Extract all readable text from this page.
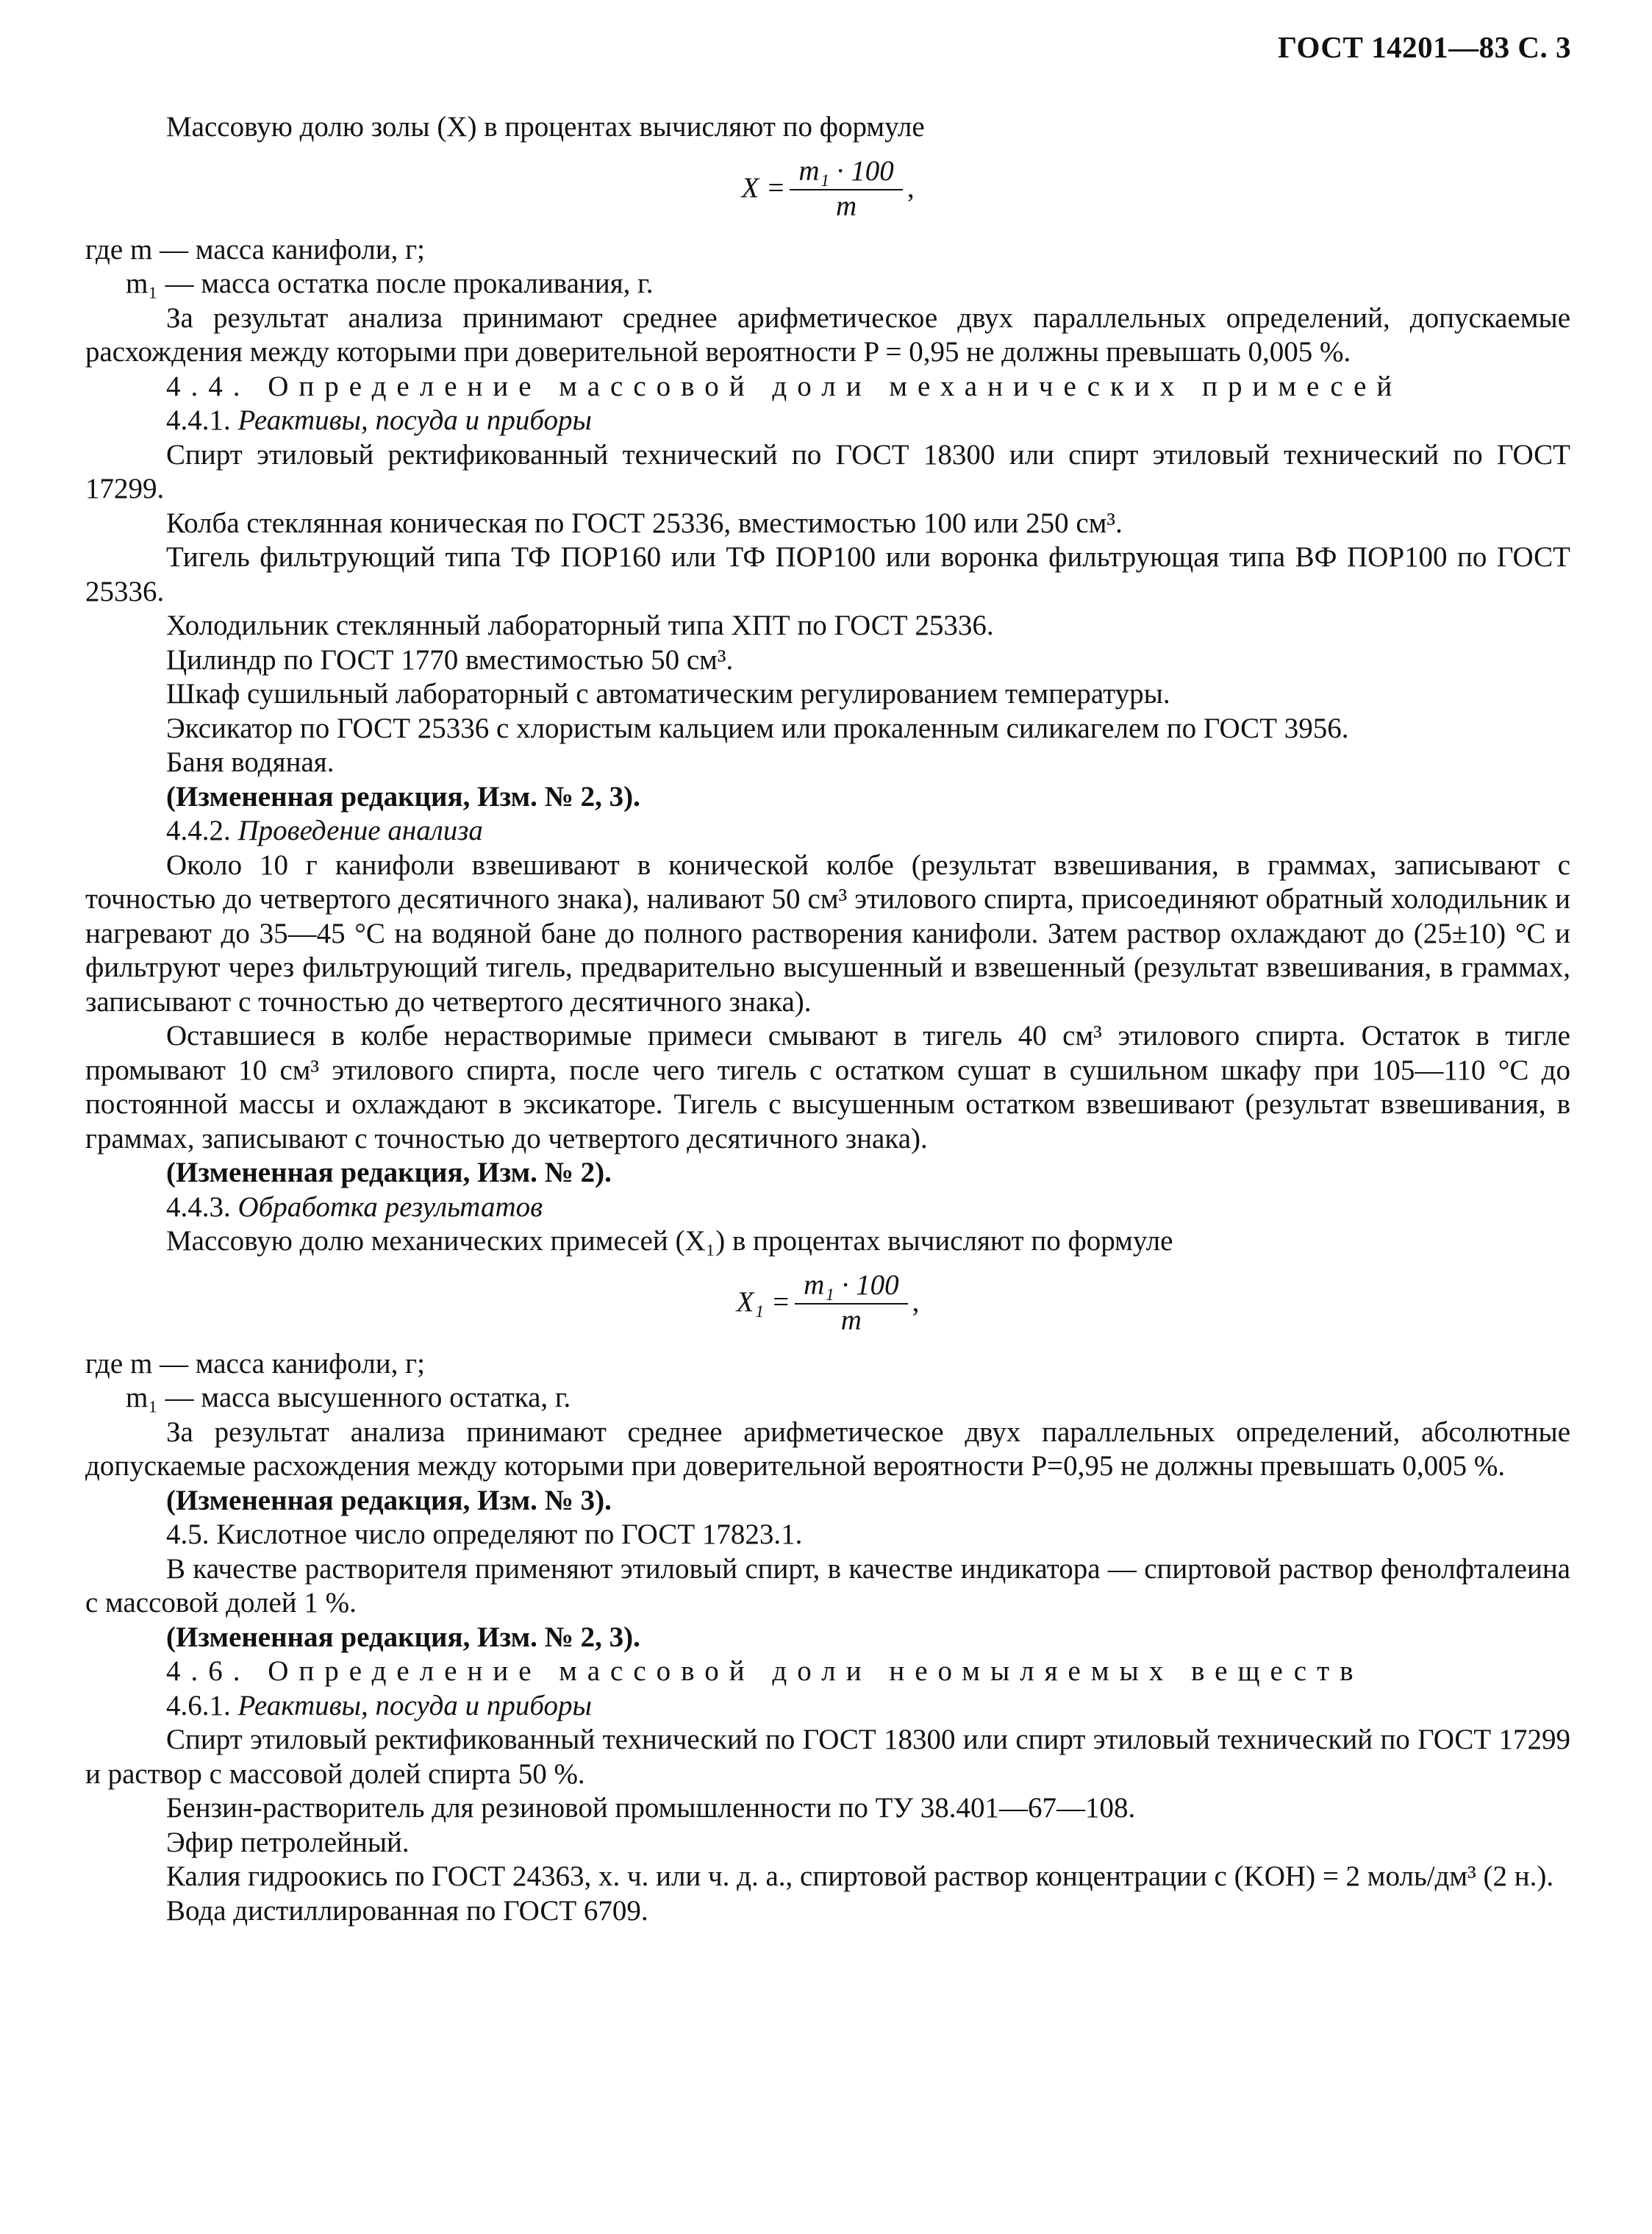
ГОСТ 14201—83 С. 3

Массовую долю золы (X) в процентах вычисляют по формуле

$X = \frac{\text{m₁ · 100}}{m}$ ,

где m — масса канифоли, г;

m₁ — масса остатка после прокаливания, г.

За результат анализа принимают среднее арифметическое двух параллельных определений, допускаемые расхождения между которыми при доверительной вероятности P = 0,95 не должны превышать 0,005 %.

4.4. Определение массовой доли механических примесей

4.4.1. Реактивы, посуда и приборы

Спирт этиловый ректификованный технический по ГОСТ 18300 или спирт этиловый технический по ГОСТ 17299.

Колба стеклянная коническая по ГОСТ 25336, вместимостью 100 или 250 см³.

Тигель фильтрующий типа ТФ ПОР160 или ТФ ПОР100 или воронка фильтрующая типа ВФ ПОР100 по ГОСТ 25336.

Холодильник стеклянный лабораторный типа ХПТ по ГОСТ 25336.

Цилиндр по ГОСТ 1770 вместимостью 50 см³.

Шкаф сушильный лабораторный с автоматическим регулированием температуры.

Эксикатор по ГОСТ 25336 с хлористым кальцием или прокаленным силикагелем по ГОСТ 3956.

Баня водяная.

(Измененная редакция, Изм. № 2, 3).

4.4.2. Проведение анализа

Около 10 г канифоли взвешивают в конической колбе (результат взвешивания, в граммах, записывают с точностью до четвертого десятичного знака), наливают 50 см³ этилового спирта, присоединяют обратный холодильник и нагревают до 35—45 °С на водяной бане до полного растворения канифоли. Затем раствор охлаждают до (25±10) °С и фильтруют через фильтрующий тигель, предварительно высушенный и взвешенный (результат взвешивания, в граммах, записывают с точностью до четвертого десятичного знака).

Оставшиеся в колбе нерастворимые примеси смывают в тигель 40 см³ этилового спирта. Остаток в тигле промывают 10 см³ этилового спирта, после чего тигель с остатком сушат в сушильном шкафу при 105—110 °С до постоянной массы и охлаждают в эксикаторе. Тигель с высушенным остатком взвешивают (результат взвешивания, в граммах, записывают с точностью до четвертого десятичного знака).

(Измененная редакция, Изм. № 2).

4.4.3. Обработка результатов

Массовую долю механических примесей (X₁) в процентах вычисляют по формуле

$X_1 = \frac{\text{m₁ · 100}}{m}$ ,

где m — масса канифоли, г;

m₁ — масса высушенного остатка, г.

За результат анализа принимают среднее арифметическое двух параллельных определений, абсолютные допускаемые расхождения между которыми при доверительной вероятности P=0,95 не должны превышать 0,005 %.

(Измененная редакция, Изм. № 3).

4.5. Кислотное число определяют по ГОСТ 17823.1.

В качестве растворителя применяют этиловый спирт, в качестве индикатора — спиртовой раствор фенолфталеина с массовой долей 1 %.

(Измененная редакция, Изм. № 2, 3).

4.6. Определение массовой доли неомыляемых веществ

4.6.1. Реактивы, посуда и приборы

Спирт этиловый ректификованный технический по ГОСТ 18300 или спирт этиловый технический по ГОСТ 17299 и раствор с массовой долей спирта 50 %.

Бензин-растворитель для резиновой промышленности по ТУ 38.401—67—108.

Эфир петролейный.

Калия гидроокись по ГОСТ 24363, х. ч. или ч. д. а., спиртовой раствор концентрации c (KOH) = 2 моль/дм³ (2 н.).

Вода дистиллированная по ГОСТ 6709.
